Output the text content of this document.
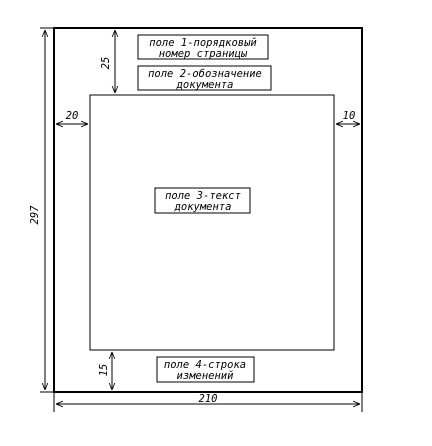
297
210
25
20	10
15
поле 1-порядковый
номер страницы
поле 2-обозначение
документа
поле 3-текст
документа
поле 4-строка
изменений
